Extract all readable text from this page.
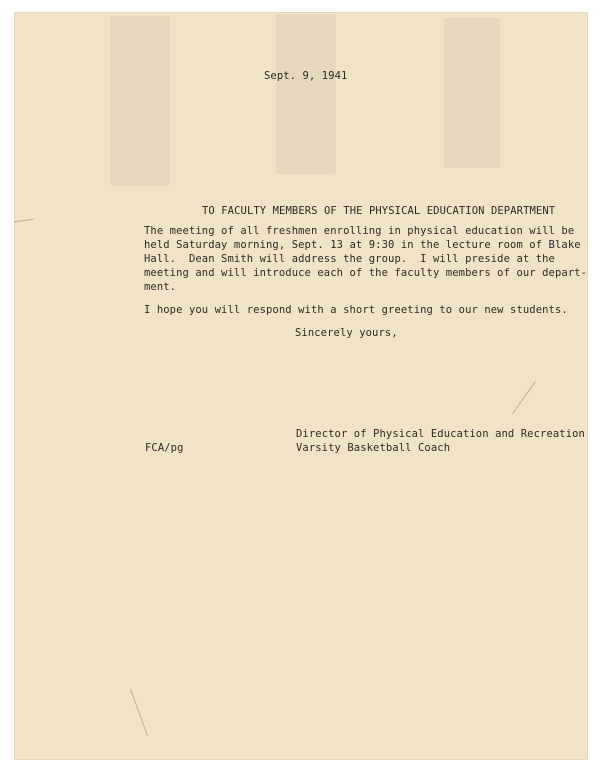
Sept. 9, 1941
TO FACULTY MEMBERS OF THE PHYSICAL EDUCATION DEPARTMENT
The meeting of all freshmen enrolling in physical education will be
held Saturday morning, Sept. 13 at 9:30 in the lecture room of Blake
Hall.  Dean Smith will address the group.  I will preside at the
meeting and will introduce each of the faculty members of our depart-
ment.
I hope you will respond with a short greeting to our new students.
Sincerely yours,
FCA/pg
Director of Physical Education and Recreation
Varsity Basketball Coach
